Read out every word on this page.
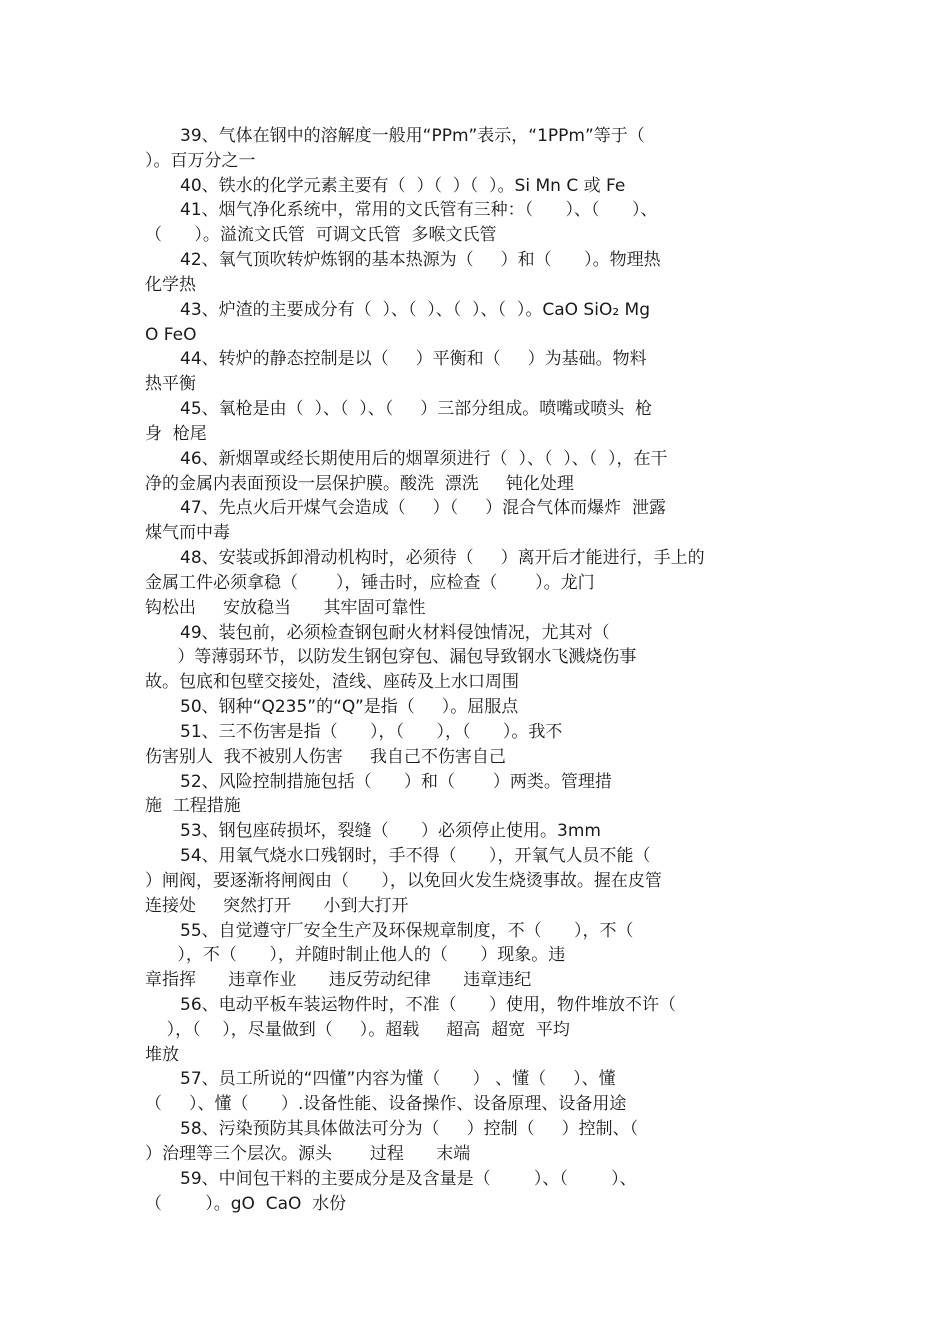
39、气体在钢中的溶解度一般用“PPm”表示，“1PPm”等于（
）。百万分之一
40、铁水的化学元素主要有（  ）（  ）（  ）。Si Mn C 或 Fe
41、烟气净化系统中，常用的文氏管有三种：（      ）、（      ）、
（      ）。溢流文氏管  可调文氏管  多喉文氏管
42、氧气顶吹转炉炼钢的基本热源为（     ）和（      ）。物理热
化学热
43、炉渣的主要成分有（  ）、（  ）、（  ）、（  ）。CaO SiO₂ Mg
O FeO
44、转炉的静态控制是以（     ）平衡和（     ）为基础。物料
热平衡
45、氧枪是由（  ）、（  ）、（     ）三部分组成。喷嘴或喷头  枪
身  枪尾
46、新烟罩或经长期使用后的烟罩须进行（  ）、（  ）、（  ），在干
净的金属内表面预设一层保护膜。酸洗  漂洗     钝化处理
47、先点火后开煤气会造成（     ）（     ）混合气体而爆炸  泄露
煤气而中毒
48、安装或拆卸滑动机构时，必须待（     ）离开后才能进行，手上的
金属工件必须拿稳（       ），锤击时，应检查（       ）。龙门
钩松出     安放稳当      其牢固可靠性
49、装包前，必须检查钢包耐火材料侵蚀情况，尤其对（
）等薄弱环节，以防发生钢包穿包、漏包导致钢水飞溅烧伤事
故。包底和包壁交接处，渣线、座砖及上水口周围
50、钢种“Q235”的“Q”是指（     ）。屈服点
51、三不伤害是指（      ），（      ），（      ）。我不
伤害别人  我不被别人伤害     我自己不伤害自己
52、风险控制措施包括（      ）和（       ）两类。管理措
施  工程措施
53、钢包座砖损坏，裂缝（      ）必须停止使用。3mm
54、用氧气烧水口残钢时，手不得（      ），开氧气人员不能（
）闸阀，要逐渐将闸阀由（      ），以免回火发生烧烫事故。握在皮管
连接处     突然打开      小到大打开
55、自觉遵守厂安全生产及环保规章制度，不（      ），不（
），不（      ），并随时制止他人的（      ）现象。违
章指挥      违章作业      违反劳动纪律      违章违纪
56、电动平板车装运物件时，不准（      ）使用，物件堆放不许（
），（    ），尽量做到（     ）。超载     超高  超宽  平均
堆放
57、员工所说的“四懂”内容为懂（      ） 、懂（     ）、懂
（     ）、懂（      ）.设备性能、设备操作、设备原理、设备用途
58、污染预防其具体做法可分为（     ）控制（     ）控制、（
）治理等三个层次。源头       过程      末端
59、中间包干料的主要成分是及含量是（        ）、（        ）、
（        ）。gO  CaO  水份
